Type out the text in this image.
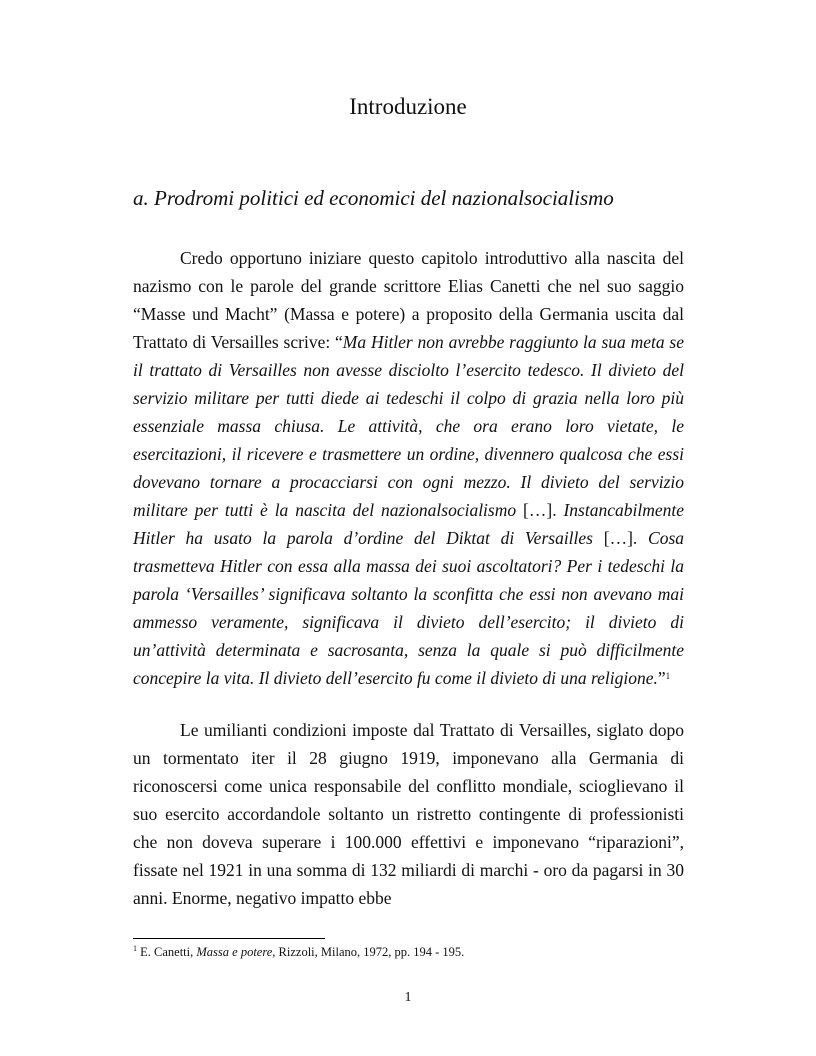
Introduzione
a. Prodromi politici ed economici del nazionalsocialismo

Credo opportuno iniziare questo capitolo introduttivo alla nascita del nazismo con le parole del grande scrittore Elias Canetti che nel suo saggio “Masse und Macht” (Massa e potere) a proposito della Germania uscita dal Trattato di Versailles scrive: “Ma Hitler non avrebbe raggiunto la sua meta se il trattato di Versailles non avesse disciolto l’esercito tedesco. Il divieto del servizio militare per tutti diede ai tedeschi il colpo di grazia nella loro più essenziale massa chiusa. Le attività, che ora erano loro vietate, le esercitazioni, il ricevere e trasmettere un ordine, divennero qualcosa che essi dovevano tornare a procacciarsi con ogni mezzo. Il divieto del servizio militare per tutti è la nascita del nazionalsocialismo […]. Instancabilmente Hitler ha usato la parola d’ordine del Diktat di Versailles […]. Cosa trasmetteva Hitler con essa alla massa dei suoi ascoltatori? Per i tedeschi la parola ‘Versailles’ significava soltanto la sconfitta che essi non avevano mai ammesso veramente, significava il divieto dell’esercito; il divieto di un’attività determinata e sacrosanta, senza la quale si può difficilmente concepire la vita. Il divieto dell’esercito fu come il divieto di una religione.”$^1$

Le umilianti condizioni imposte dal Trattato di Versailles, siglato dopo un tormentato iter il 28 giugno 1919, imponevano alla Germania di riconoscersi come unica responsabile del conflitto mondiale, scioglievano il suo esercito accordandole soltanto un ristretto contingente di professionisti che non doveva superare i 100.000 effettivi e imponevano “riparazioni”, fissate nel 1921 in una somma di 132 miliardi di marchi - oro da pagarsi in 30 anni. Enorme, negativo impatto ebbe

$^1$ E. Canetti, Massa e potere, Rizzoli, Milano, 1972, pp. 194 - 195.
1
